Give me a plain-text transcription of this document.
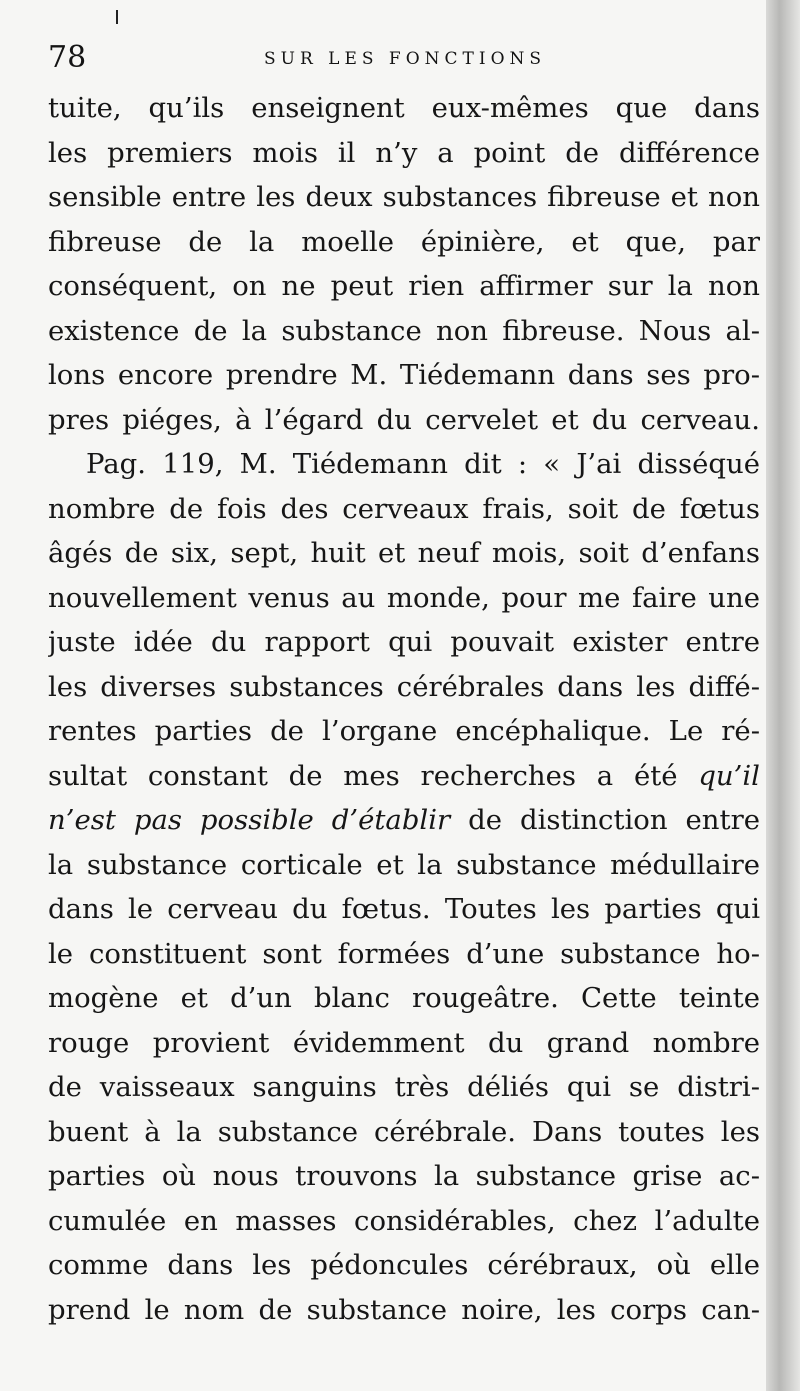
78	SUR LES FONCTIONS
tuite, qu’ils enseignent eux-mêmes que dans
les premiers mois il n’y a point de différence
sensible entre les deux substances fibreuse et non
fibreuse de la moelle épinière, et que, par
conséquent, on ne peut rien affirmer sur la non
existence de la substance non fibreuse. Nous al-
lons encore prendre M. Tiédemann dans ses pro-
pres piéges, à l’égard du cervelet et du cerveau.
Pag. 119, M. Tiédemann dit : « J’ai disséqué
nombre de fois des cerveaux frais, soit de fœtus
âgés de six, sept, huit et neuf mois, soit d’enfans
nouvellement venus au monde, pour me faire une
juste idée du rapport qui pouvait exister entre
les diverses substances cérébrales dans les diffé-
rentes parties de l’organe encéphalique. Le ré-
sultat constant de mes recherches a été qu’il
n’est pas possible d’établir de distinction entre
la substance corticale et la substance médullaire
dans le cerveau du fœtus. Toutes les parties qui
le constituent sont formées d’une substance ho-
mogène et d’un blanc rougeâtre. Cette teinte
rouge provient évidemment du grand nombre
de vaisseaux sanguins très déliés qui se distri-
buent à la substance cérébrale. Dans toutes les
parties où nous trouvons la substance grise ac-
cumulée en masses considérables, chez l’adulte
comme dans les pédoncules cérébraux, où elle
prend le nom de substance noire, les corps can-
